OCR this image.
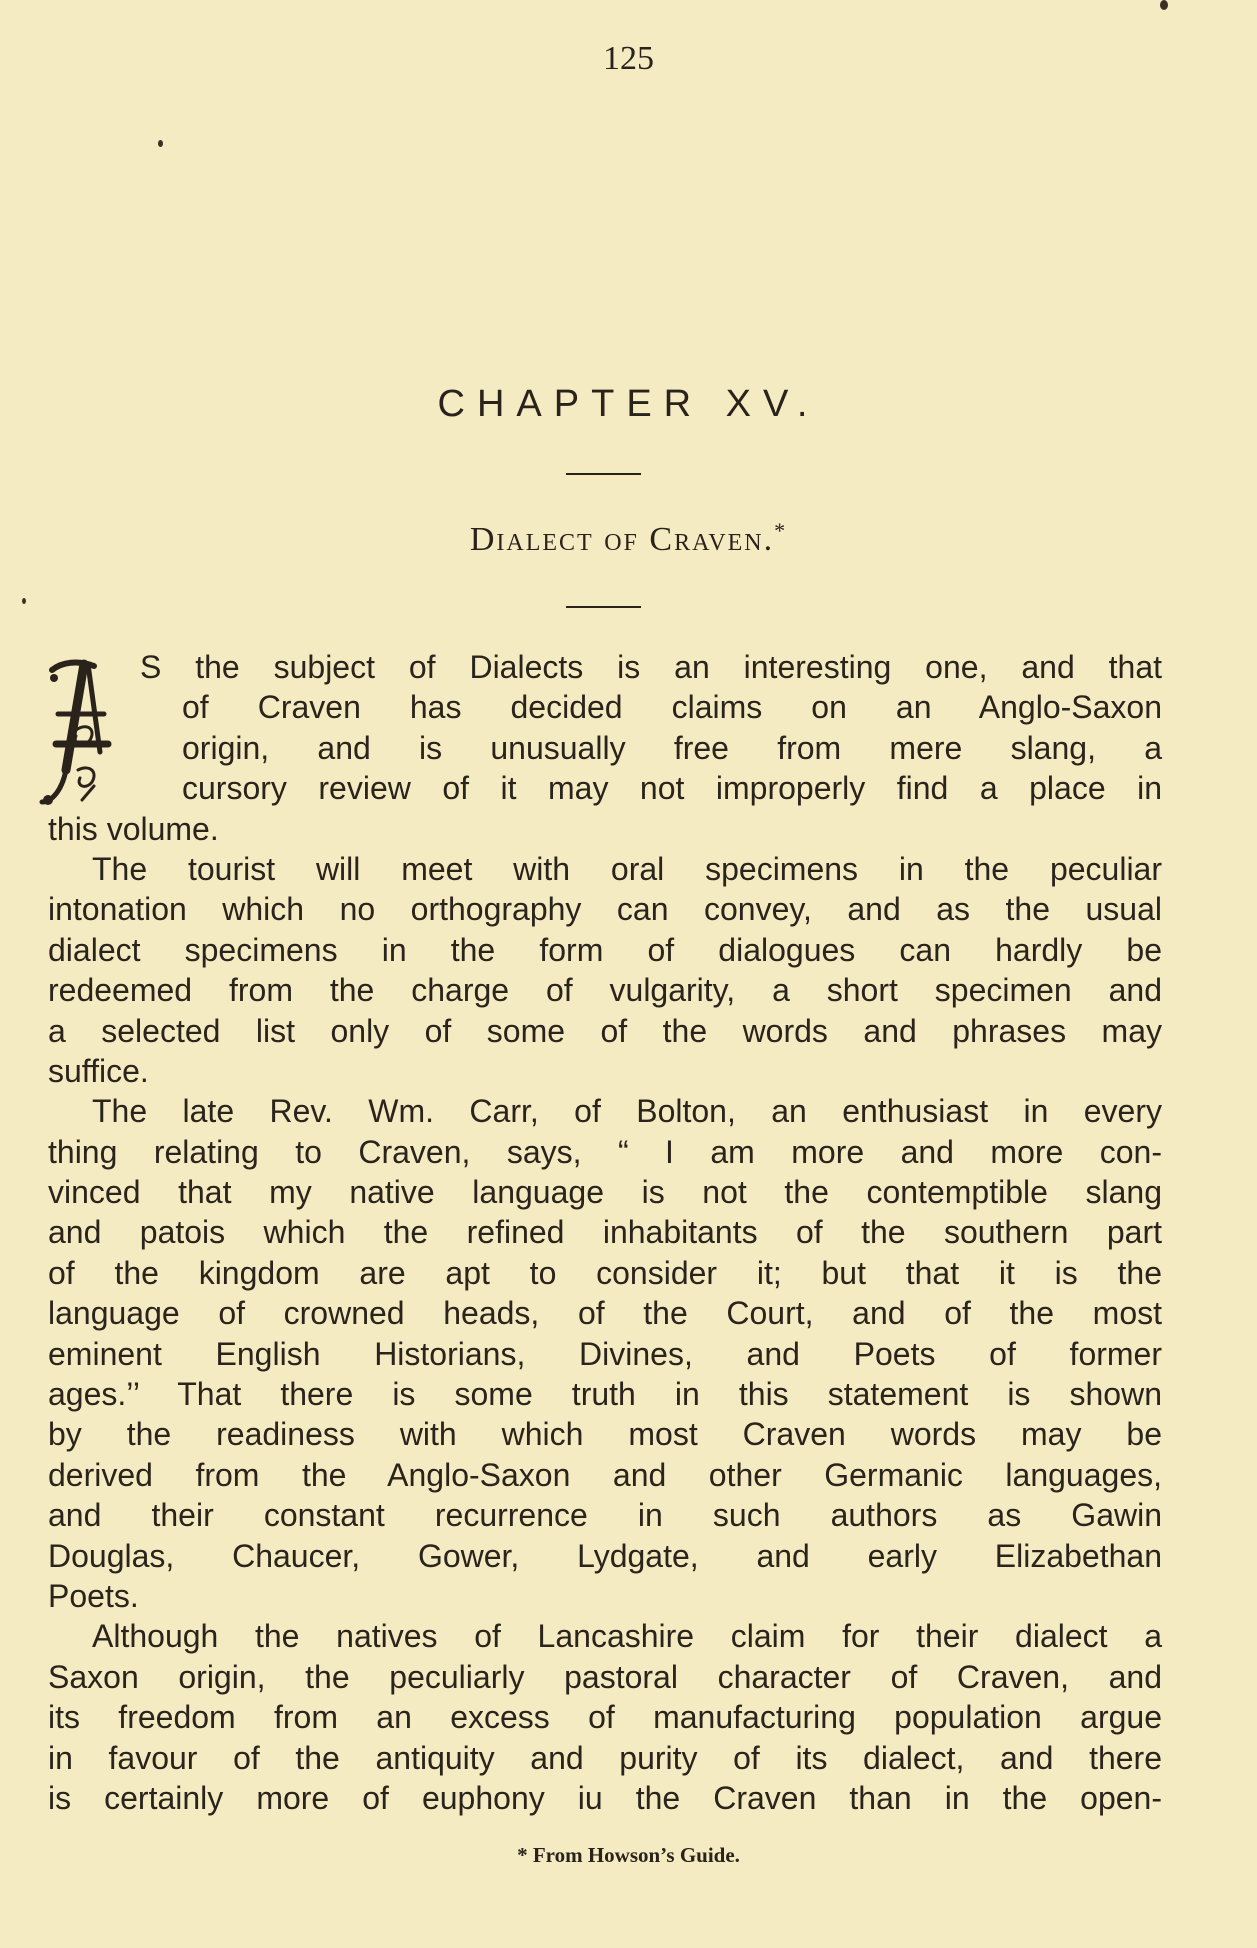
125
CHAPTER XV.
Dialect of Craven.*
S the subject of Dialects is an interesting one, and that
of Craven has decided claims on an Anglo-Saxon
origin, and is unusually free from mere slang, a
cursory review of it may not improperly find a place in
this volume.
The tourist will meet with oral specimens in the peculiar
intonation which no orthography can convey, and as the usual
dialect specimens in the form of dialogues can hardly be
redeemed from the charge of vulgarity, a short specimen and
a selected list only of some of the words and phrases may
suffice.
The late Rev. Wm. Carr, of Bolton, an enthusiast in every
thing relating to Craven, says, “ I am more and more con-
vinced that my native language is not the contemptible slang
and patois which the refined inhabitants of the southern part
of the kingdom are apt to consider it; but that it is the
language of crowned heads, of the Court, and of the most
eminent English Historians, Divines, and Poets of former
ages.’’ That there is some truth in this statement is shown
by the readiness with which most Craven words may be
derived from the Anglo-Saxon and other Germanic languages,
and their constant recurrence in such authors as Gawin
Douglas, Chaucer, Gower, Lydgate, and early Elizabethan
Poets.
Although the natives of Lancashire claim for their dialect a
Saxon origin, the peculiarly pastoral character of Craven, and
its freedom from an excess of manufacturing population argue
in favour of the antiquity and purity of its dialect, and there
is certainly more of euphony iu the Craven than in the open-
* From Howson’s Guide.
